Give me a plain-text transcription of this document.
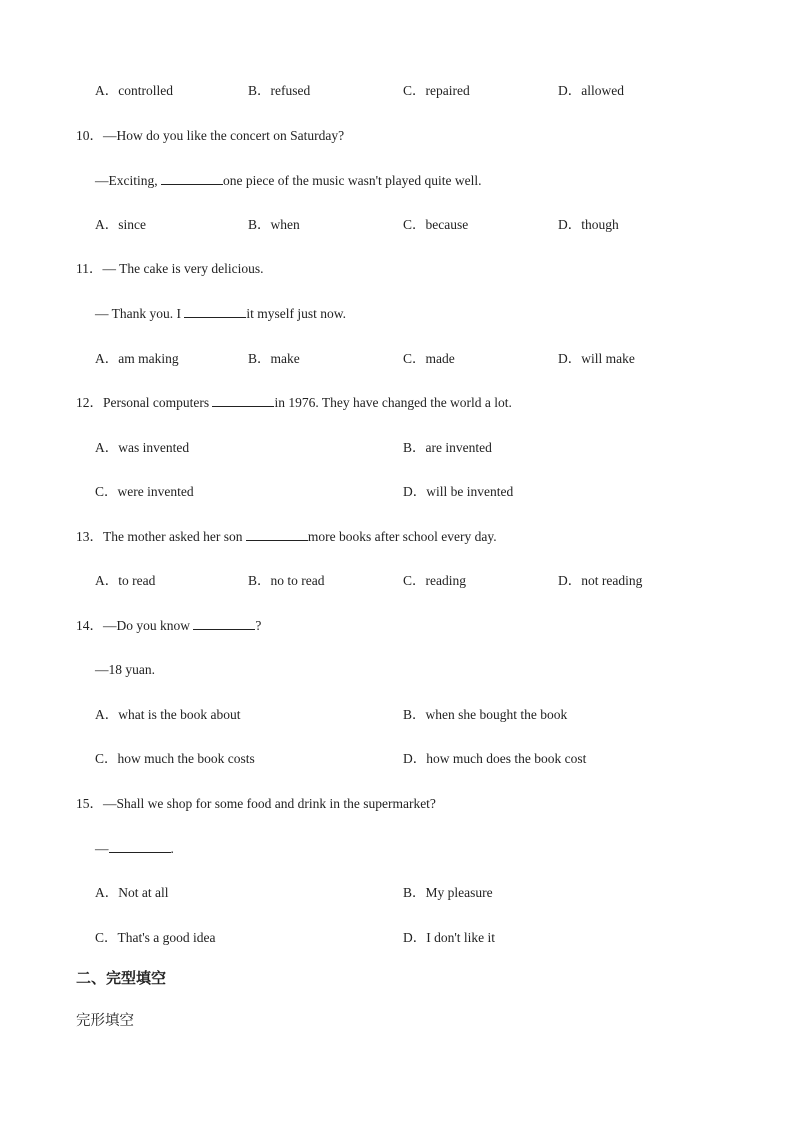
A．controlled	B．refused	C．repaired	D．allowed
10．—How do you like the concert on Saturday?
—Exciting,	one piece of the music wasn't played quite well.
A．since	B．when	C．because	D．though
11．— The cake is very delicious.
— Thank you. I	it myself just now.
A．am making	B．make	C．made	D．will make
12．Personal computers	in 1976. They have changed the world a lot.
A．was invented	B．are invented
C．were invented	D．will be invented
13．The mother asked her son	more books after school every day.
A．to read	B．no to read	C．reading	D．not reading
14．—Do you know	?
—18 yuan.
A．what is the book about	B．when she bought the book
C．how much the book costs	D．how much does the book cost
15．—Shall we shop for some food and drink in the supermarket?
—	.
A．Not at all	B．My pleasure
C．That's a good idea	D．I don't like it
二、完型填空
完形填空
